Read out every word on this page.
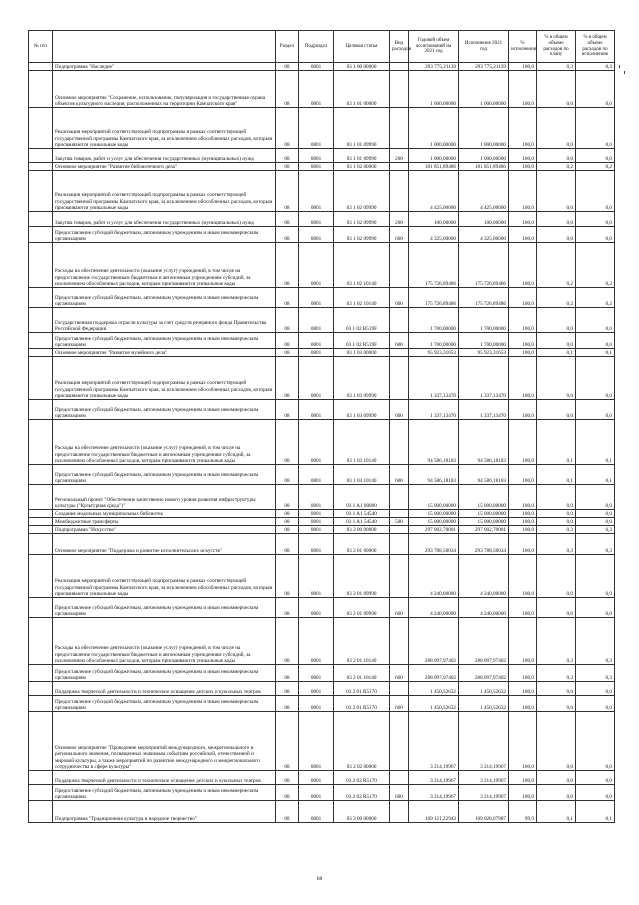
№ п/п		Раздел	Подраздел	Целевая статья	Вид расходов	Годовой объем ассигнований на 2021 год	Исполнение 2021 год	% исполнения	% в общем объеме расходов по плану	% в общем объеме расходов по исполнению
	Подпрограмма "Наследие"	08	0801	03 1 00 00000		293 775,21139	293 775,21139	100,0	0,3	0,3
	Основное мероприятие "Сохранение, использование, популяризация и государственная охрана объектов культурного наследия, расположенных на территории Камчатского края"	08	0801	03 1 01 00000		1 000,00000	1 000,00000	100,0	0,0	0,0
	Реализация мероприятий соответствующей подпрограммы в рамках соответствующей государственной программы Камчатского края, за исключением обособленных расходов, которым присваиваются уникальные коды	08	0801	03 1 01 09990		1 000,00000	1 000,00000	100,0	0,0	0,0
	Закупка товаров, работ и услуг для обеспечения государственных (муниципальных) нужд	08	0801	03 1 01 09990	200	1 000,00000	1 000,00000	100,0	0,0	0,0
	Основное мероприятие "Развитие библиотечного дела"	08	0801	03 1 02 00000		181 851,89486	181 851,89486	100,0	0,2	0,2
	Реализация мероприятий соответствующей подпрограммы в рамках соответствующей государственной программы Камчатского края, за исключением обособленных расходов, которым присваиваются уникальные коды	08	0801	03 1 02 09990		4 425,00000	4 425,00000	100,0	0,0	0,0
	Закупка товаров, работ и услуг для обеспечения государственных (муниципальных) нужд	08	0801	03 1 02 09990	200	100,00000	100,00000	100,0	0,0	0,0
	Предоставление субсидий бюджетным, автономным учреждениям и иным некоммерческим организациям	08	0801	03 1 02 09990	600	4 325,00000	4 325,00000	100,0	0,0	0,0
	Расходы на обеспечение деятельности (оказание услуг) учреждений, в том числе на предоставление государственным бюджетным и автономным учреждениям субсидий, за исключением обособленных расходов, которым присваиваются уникальные коды	08	0801	03 1 02 10140		175 726,89486	175 726,89486	100,0	0,2	0,2
	Предоставление субсидий бюджетным, автономным учреждениям и иным некоммерческим организациям	08	0801	03 1 02 10140	600	175 726,89486	175 726,89486	100,0	0,2	0,2
	Государственная поддержка отрасли культуры за счет средств резервного фонда Правительства Российской Федерации	08	0801	03 1 02 R519F		1 700,00000	1 700,00000	100,0	0,0	0,0
	Предоставление субсидий бюджетным, автономным учреждениям и иным некоммерческим организациям	08	0801	03 1 02 R519F	600	1 700,00000	1 700,00000	100,0	0,0	0,0
	Основное мероприятие "Развитие музейного дела"	08	0801	03 1 03 00000		95 923,31653	95 923,31653	100,0	0,1	0,1
	Реализация мероприятий соответствующей подпрограммы в рамках соответствующей государственной программы Камчатского края, за исключением обособленных расходов, которым присваиваются уникальные коды	08	0801	03 1 03 09990		1 337,13470	1 337,13470	100,0	0,0	0,0
	Предоставление субсидий бюджетным, автономным учреждениям и иным некоммерческим организациям	08	0801	03 1 03 09990	600	1 337,13470	1 337,13470	100,0	0,0	0,0
	Расходы на обеспечение деятельности (оказание услуг) учреждений, в том числе на предоставление государственным бюджетным и автономным учреждениям субсидий, за исключением обособленных расходов, которым присваиваются уникальные коды	08	0801	03 1 03 10140		94 586,18183	94 586,18183	100,0	0,1	0,1
	Предоставление субсидий бюджетным, автономным учреждениям и иным некоммерческим организациям	08	0801	03 1 03 10140	600	94 586,18183	94 586,18183	100,0	0,1	0,1
	Региональный проект "Обеспечение качественно нового уровня развития инфраструктуры культуры ("Культурная среда")"	08	0801	03 1 A1 00000		15 000,00000	15 000,00000	100,0	0,0	0,0
	Создание модельных муниципальных библиотек	08	0801	03 1 A1 54540		15 000,00000	15 000,00000	100,0	0,0	0,0
	Межбюджетные трансферты	08	0801	03 1 A1 54540	500	15 000,00000	15 000,00000	100,0	0,0	0,0
	Подпрограмма "Искусство"	08	0801	03 2 00 00000		297 002,70001	297 002,70001	100,0	0,3	0,3
	Основное мероприятие "Поддержка и развитие исполнительских искусств"	08	0801	03 2 01 00000		293 788,50034	293 788,50034	100,0	0,3	0,3
	Реализация мероприятий соответствующей подпрограммы в рамках соответствующей государственной программы Камчатского края, за исключением обособленных расходов, которым присваиваются уникальные коды	08	0801	03 2 01 09990		4 240,00000	4 240,00000	100,0	0,0	0,0
	Предоставление субсидий бюджетным, автономным учреждениям и иным некоммерческим организациям	08	0801	03 2 01 09990	600	4 240,00000	4 240,00000	100,0	0,0	0,0
	Расходы на обеспечение деятельности (оказание услуг) учреждений, в том числе на предоставление государственным бюджетным и автономным учреждениям субсидий, за исключением обособленных расходов, которым присваиваются уникальные коды	08	0801	03 2 01 10140		288 097,97402	288 097,97402	100,0	0,3	0,3
	Предоставление субсидий бюджетным, автономным учреждениям и иным некоммерческим организациям	08	0801	03 2 01 10140	600	288 097,97402	288 097,97402	100,0	0,3	0,3
	Поддержка творческой деятельности и техническое оснащение детских и кукольных театров	08	0801	03 2 01 R5170		1 450,52632	1 450,52632	100,0	0,0	0,0
	Предоставление субсидий бюджетным, автономным учреждениям и иным некоммерческим организациям	08	0801	03 2 01 R5170	600	1 450,52632	1 450,52632	100,0	0,0	0,0
	Основное мероприятие "Проведение мероприятий международного, межрегионального и регионального значения, посвященных значимым событиям российской, отечественной и мировой культуры, а также мероприятий по развитию международного и межрегионального сотрудничества в сфере культуры"	08	0801	03 2 02 00000		3 214,19967	3 214,19967	100,0	0,0	0,0
	Поддержка творческой деятельности и техническое оснащение детских и кукольных театров	08	0801	03 2 02 R5170		3 214,19967	3 214,19967	100,0	0,0	0,0
	Предоставление субсидий бюджетным, автономным учреждениям и иным некоммерческим организациям	08	0801	03 2 02 R5170	600	3 214,19967	3 214,19967	100,0	0,0	0,0
	Подпрограмма "Традиционная культура и народное творчество"	08	0801	03 3 00 00000		109 121,22943	109 028,07987	99,9	0,1	0,1
68
